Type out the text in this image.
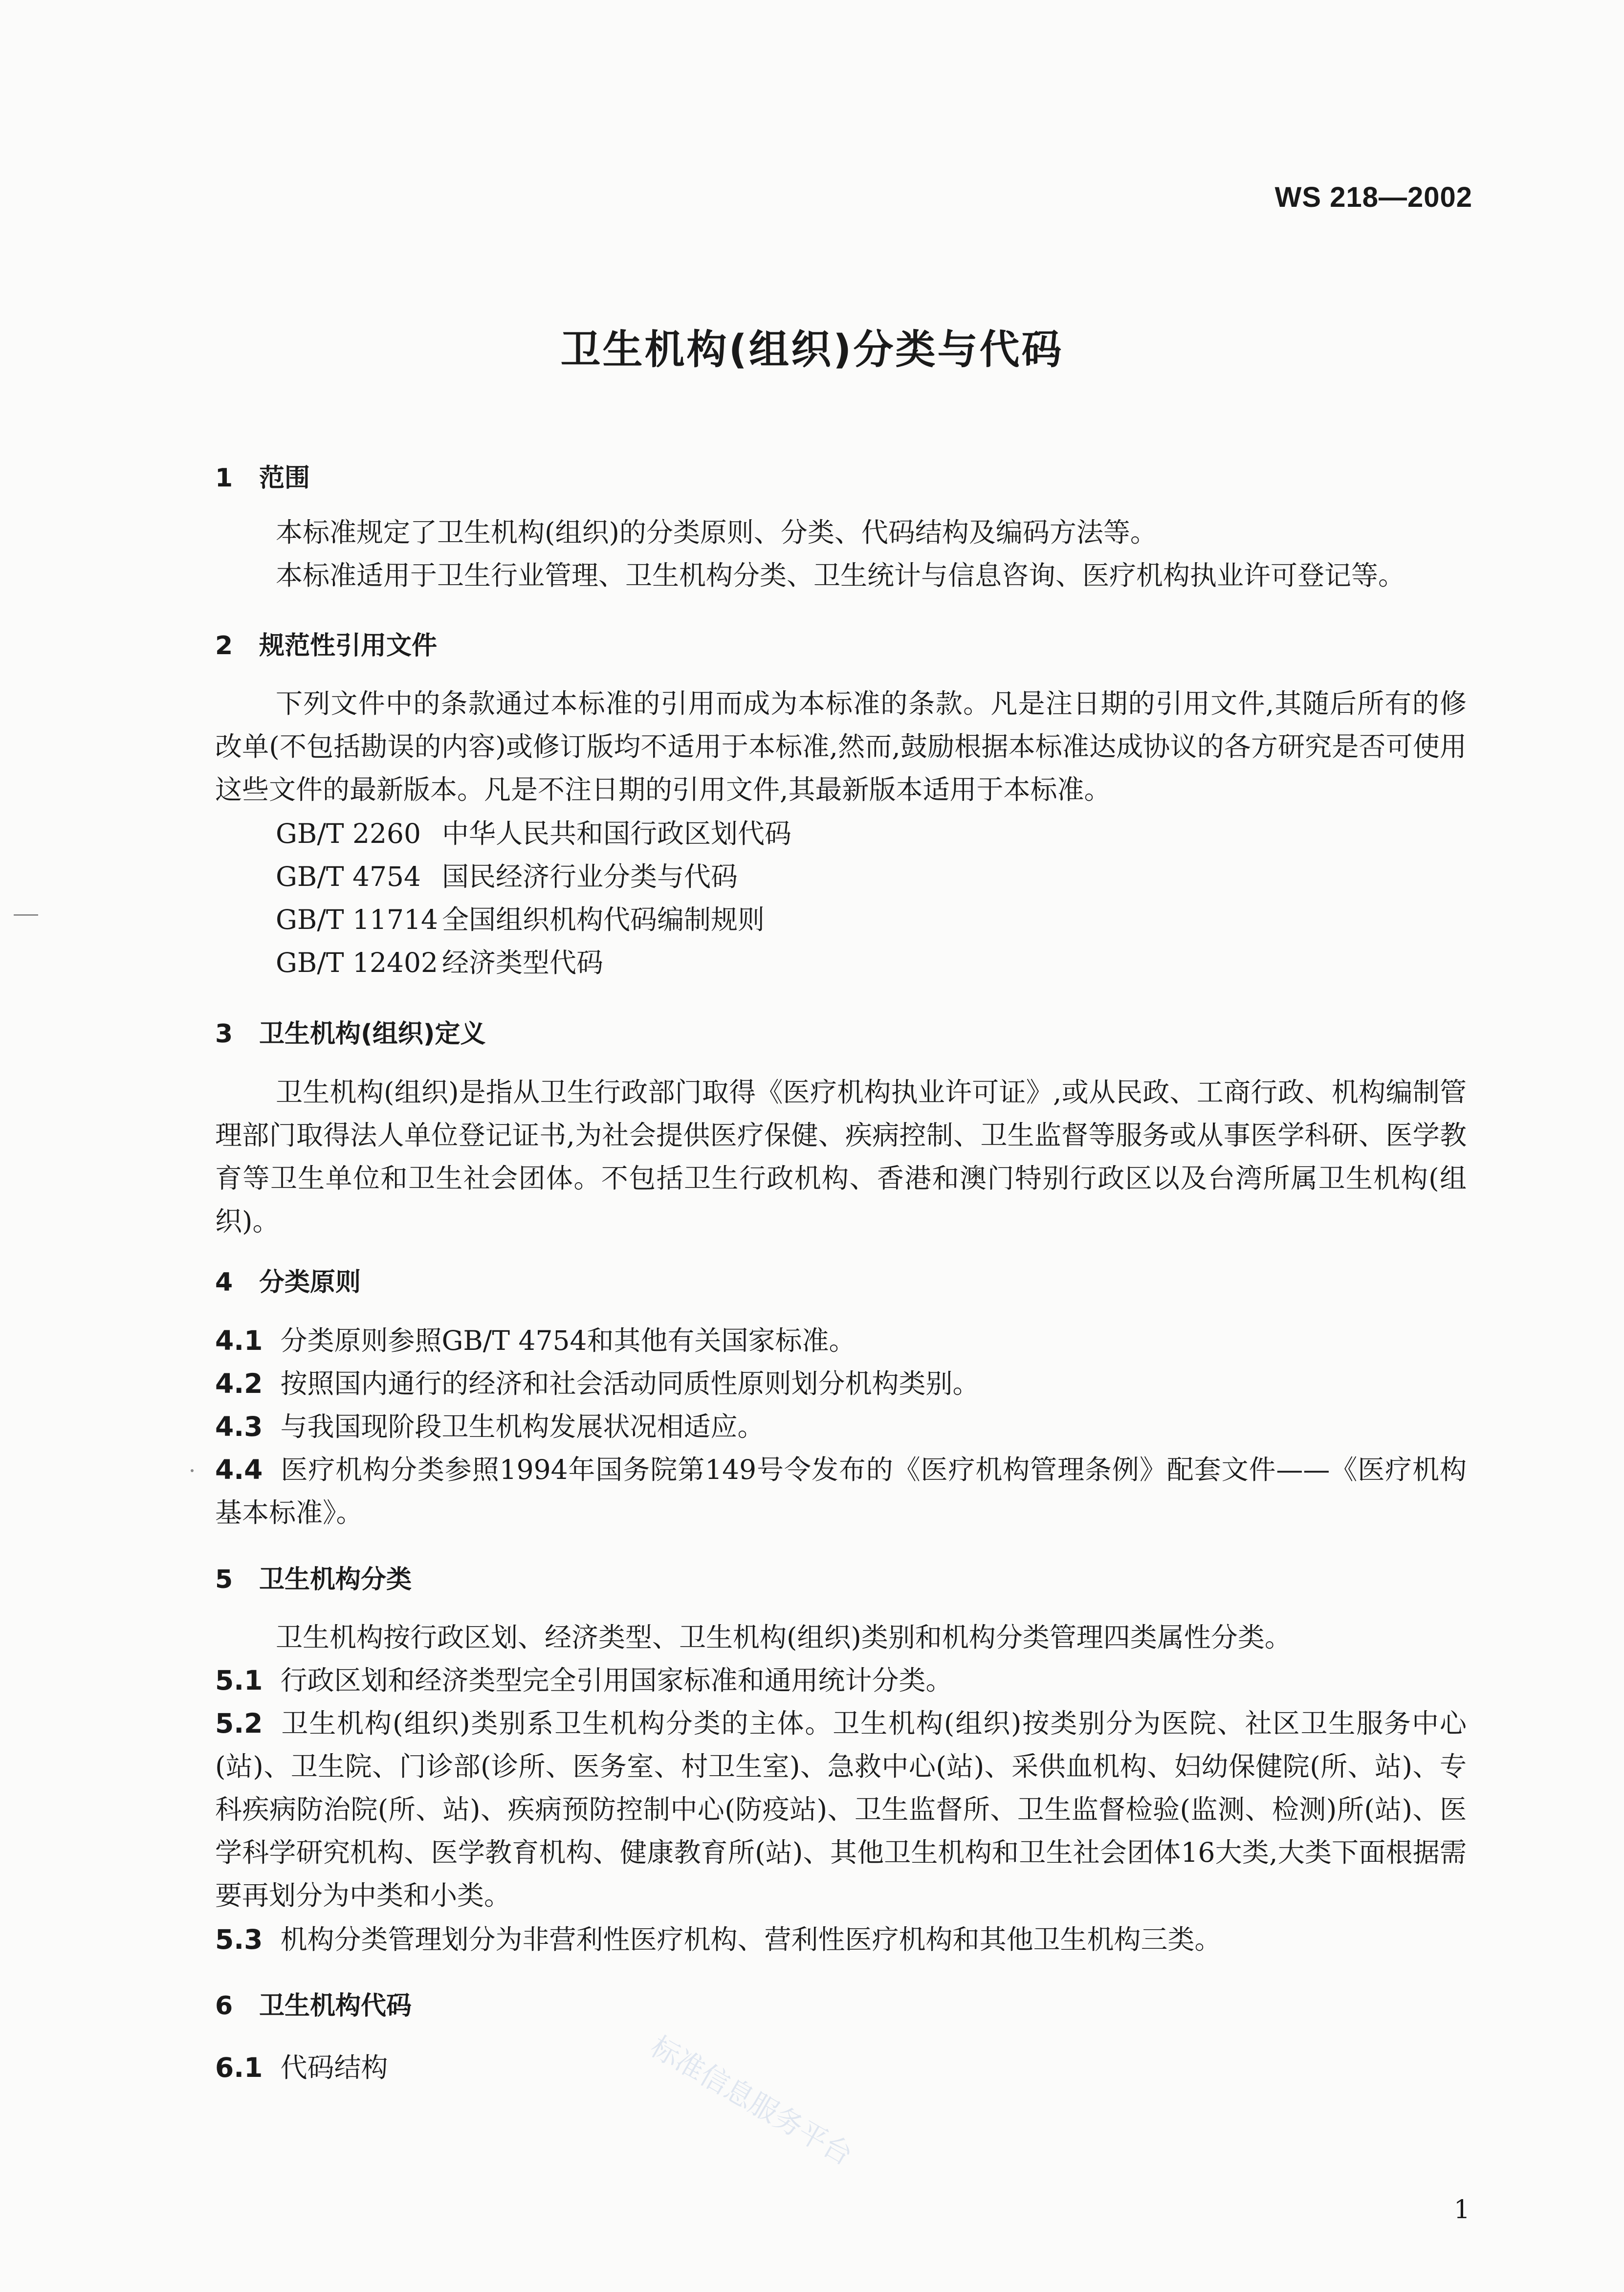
WS 218—2002
卫生机构(组织)分类与代码
1 范围
本标准规定了卫生机构(组织)的分类原则、分类、代码结构及编码方法等。
本标准适用于卫生行业管理、卫生机构分类、卫生统计与信息咨询、医疗机构执业许可登记等。
2 规范性引用文件
下列文件中的条款通过本标准的引用而成为本标准的条款。凡是注日期的引用文件,其随后所有的修改单(不包括勘误的内容)或修订版均不适用于本标准,然而,鼓励根据本标准达成协议的各方研究是否可使用这些文件的最新版本。凡是不注日期的引用文件,其最新版本适用于本标准。
GB/T 2260 中华人民共和国行政区划代码
GB/T 4754 国民经济行业分类与代码
GB/T 11714 全国组织机构代码编制规则
GB/T 12402 经济类型代码
3 卫生机构(组织)定义
卫生机构(组织)是指从卫生行政部门取得《医疗机构执业许可证》,或从民政、工商行政、机构编制管理部门取得法人单位登记证书,为社会提供医疗保健、疾病控制、卫生监督等服务或从事医学科研、医学教育等卫生单位和卫生社会团体。不包括卫生行政机构、香港和澳门特别行政区以及台湾所属卫生机构(组织)。
4 分类原则
4.1 分类原则参照GB/T 4754和其他有关国家标准。
4.2 按照国内通行的经济和社会活动同质性原则划分机构类别。
4.3 与我国现阶段卫生机构发展状况相适应。
4.4 医疗机构分类参照1994年国务院第149号令发布的《医疗机构管理条例》配套文件——《医疗机构基本标准》。
5 卫生机构分类
卫生机构按行政区划、经济类型、卫生机构(组织)类别和机构分类管理四类属性分类。
5.1 行政区划和经济类型完全引用国家标准和通用统计分类。
5.2 卫生机构(组织)类别系卫生机构分类的主体。卫生机构(组织)按类别分为医院、社区卫生服务中心(站)、卫生院、门诊部(诊所、医务室、村卫生室)、急救中心(站)、采供血机构、妇幼保健院(所、站)、专科疾病防治院(所、站)、疾病预防控制中心(防疫站)、卫生监督所、卫生监督检验(监测、检测)所(站)、医学科学研究机构、医学教育机构、健康教育所(站)、其他卫生机构和卫生社会团体16大类,大类下面根据需要再划分为中类和小类。
5.3 机构分类管理划分为非营利性医疗机构、营利性医疗机构和其他卫生机构三类。
6 卫生机构代码
6.1 代码结构	标准信息服务平台
1
